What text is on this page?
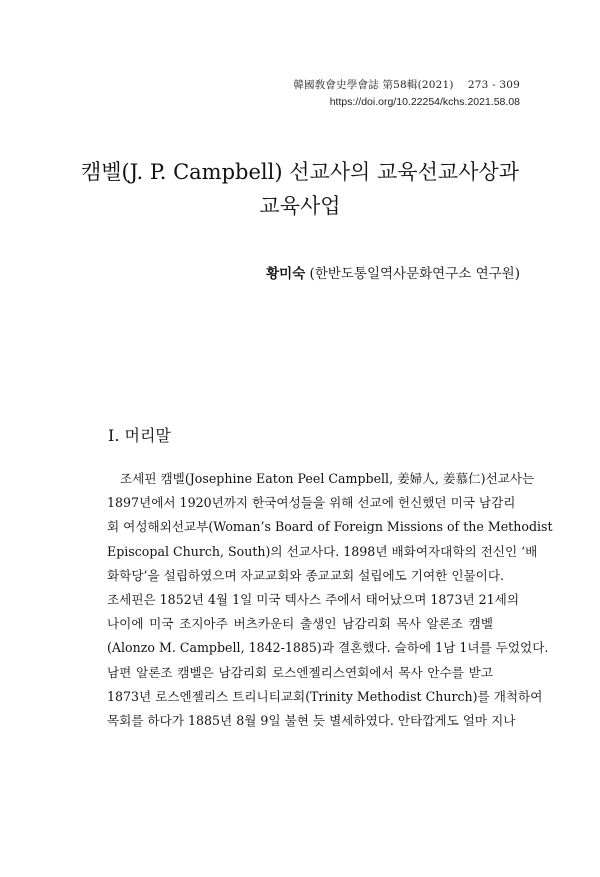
韓國敎會史學會誌 第58輯(2021) 273 - 309
https://doi.org/10.22254/kchs.2021.58.08
캠벨(J. P. Campbell) 선교사의 교육선교사상과
교육사업
황미숙 (한반도통일역사문화연구소 연구원)
I. 머리말
조세핀 캠벨(Josephine Eaton Peel Campbell, 姜婦人, 姜慕仁)선교사는
1897년에서 1920년까지 한국여성들을 위해 선교에 헌신했던 미국 남감리
회 여성해외선교부(Woman’s Board of Foreign Missions of the Methodist
Episcopal Church, South)의 선교사다. 1898년 배화여자대학의 전신인 ‘배
화학당’을 설립하였으며 자교교회와 종교교회 설립에도 기여한 인물이다.
조세핀은 1852년 4월 1일 미국 텍사스 주에서 태어났으며 1873년 21세의
나이에 미국 조지아주 버츠카운티 출생인 남감리회 목사 알론조 캠벨
(Alonzo M. Campbell, 1842-1885)과 결혼했다. 슬하에 1남 1녀를 두었었다.
남편 알론조 캠벨은 남감리회 로스엔젤리스연회에서 목사 안수를 받고
1873년 로스엔젤리스 트리니티교회(Trinity Methodist Church)를 개척하여
목회를 하다가 1885년 8월 9일 불현 듯 별세하였다. 안타깝게도 얼마 지나
